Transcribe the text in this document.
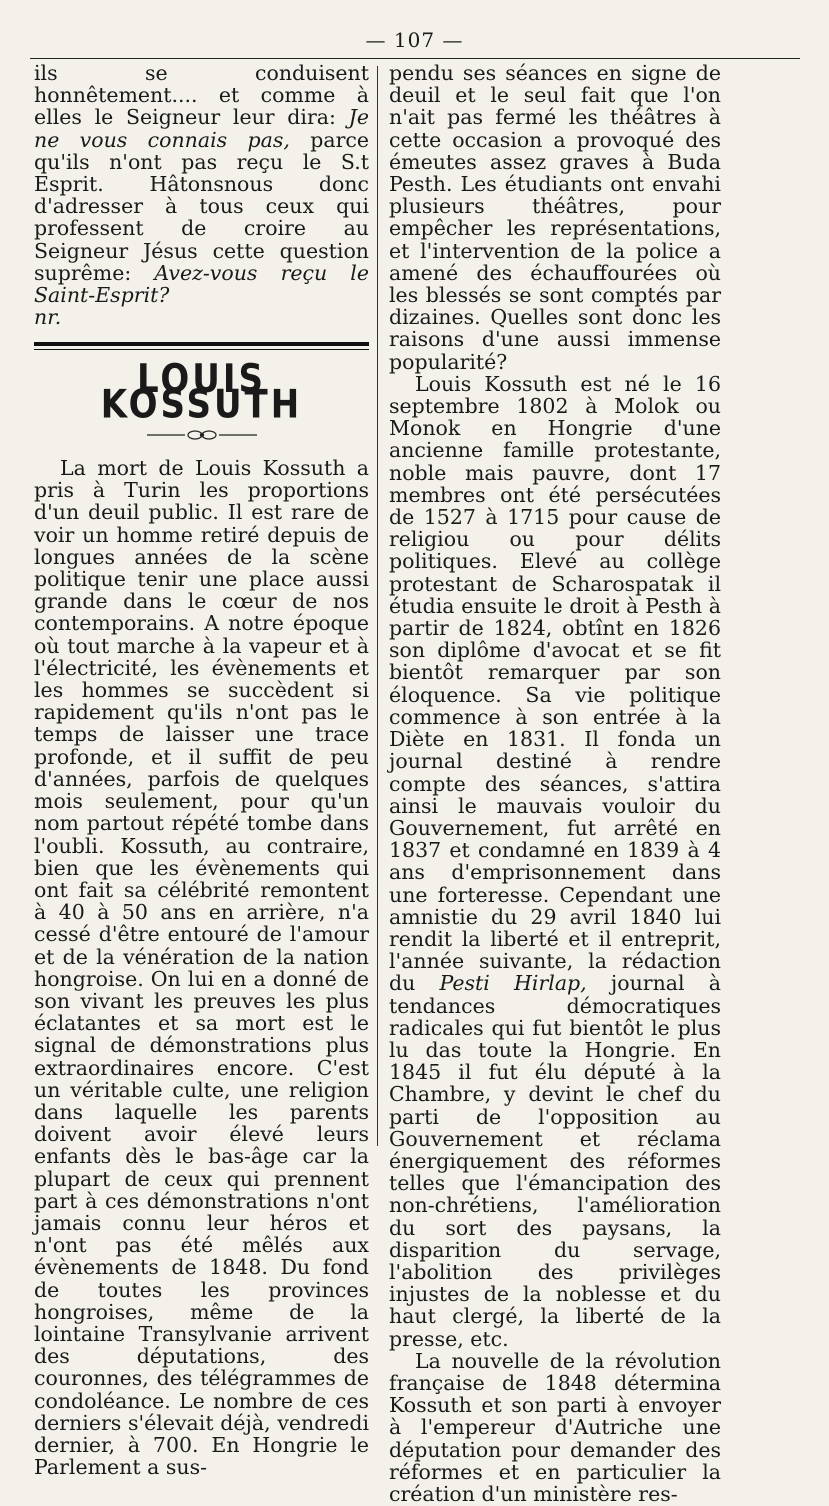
— 107 —

ils se conduisent honnêtement.... et comme à elles le Seigneur leur dira: Je ne vous connais pas, parce qu'ils n'ont pas reçu le S.t Esprit. Hâtonsnous donc d'adresser à tous ceux qui professent de croire au Seigneur Jésus cette question suprême: Avez-vous reçu le Saint-Esprit?

nr.

LOUIS KOSSUTH

La mort de Louis Kossuth a pris à Turin les proportions d'un deuil public. Il est rare de voir un homme retiré depuis de longues années de la scène politique tenir une place aussi grande dans le cœur de nos contemporains. A notre époque où tout marche à la vapeur et à l'électricité, les évènements et les hommes se succèdent si rapidement qu'ils n'ont pas le temps de laisser une trace profonde, et il suffit de peu d'années, parfois de quelques mois seulement, pour qu'un nom partout répété tombe dans l'oubli. Kossuth, au contraire, bien que les évènements qui ont fait sa célébrité remontent à 40 à 50 ans en arrière, n'a cessé d'être entouré de l'amour et de la vénération de la nation hongroise. On lui en a donné de son vivant les preuves les plus éclatantes et sa mort est le signal de démonstrations plus extraordinaires encore. C'est un véritable culte, une religion dans laquelle les parents doivent avoir élevé leurs enfants dès le bas-âge car la plupart de ceux qui prennent part à ces démonstrations n'ont jamais connu leur héros et n'ont pas été mêlés aux évènements de 1848. Du fond de toutes les provinces hongroises, même de la lointaine Transylvanie arrivent des députations, des couronnes, des télégrammes de condoléance. Le nombre de ces derniers s'élevait déjà, vendredi dernier, à 700. En Hongrie le Parlement a sus-

pendu ses séances en signe de deuil et le seul fait que l'on n'ait pas fermé les théâtres à cette occasion a provoqué des émeutes assez graves à Buda Pesth. Les étudiants ont envahi plusieurs théâtres, pour empêcher les représentations, et l'intervention de la police a amené des échauffourées où les blessés se sont comptés par dizaines. Quelles sont donc les raisons d'une aussi immense popularité?

Louis Kossuth est né le 16 septembre 1802 à Molok ou Monok en Hongrie d'une ancienne famille protestante, noble mais pauvre, dont 17 membres ont été persécutées de 1527 à 1715 pour cause de religiou ou pour délits politiques. Elevé au collège protestant de Scharospatak il étudia ensuite le droit à Pesth à partir de 1824, obtînt en 1826 son diplôme d'avocat et se fit bientôt remarquer par son éloquence. Sa vie politique commence à son entrée à la Diète en 1831. Il fonda un journal destiné à rendre compte des séances, s'attira ainsi le mauvais vouloir du Gouvernement, fut arrêté en 1837 et condamné en 1839 à 4 ans d'emprisonnement dans une forteresse. Cependant une amnistie du 29 avril 1840 lui rendit la liberté et il entreprit, l'année suivante, la rédaction du Pesti Hirlap, journal à tendances démocratiques radicales qui fut bientôt le plus lu das toute la Hongrie. En 1845 il fut élu député à la Chambre, y devint le chef du parti de l'opposition au Gouvernement et réclama énergiquement des réformes telles que l'émancipation des non-chrétiens, l'amélioration du sort des paysans, la disparition du servage, l'abolition des privilèges injustes de la noblesse et du haut clergé, la liberté de la presse, etc.

La nouvelle de la révolution française de 1848 détermina Kossuth et son parti à envoyer à l'empereur d'Autriche une députation pour demander des réformes et en particulier la création d'un ministère res-
